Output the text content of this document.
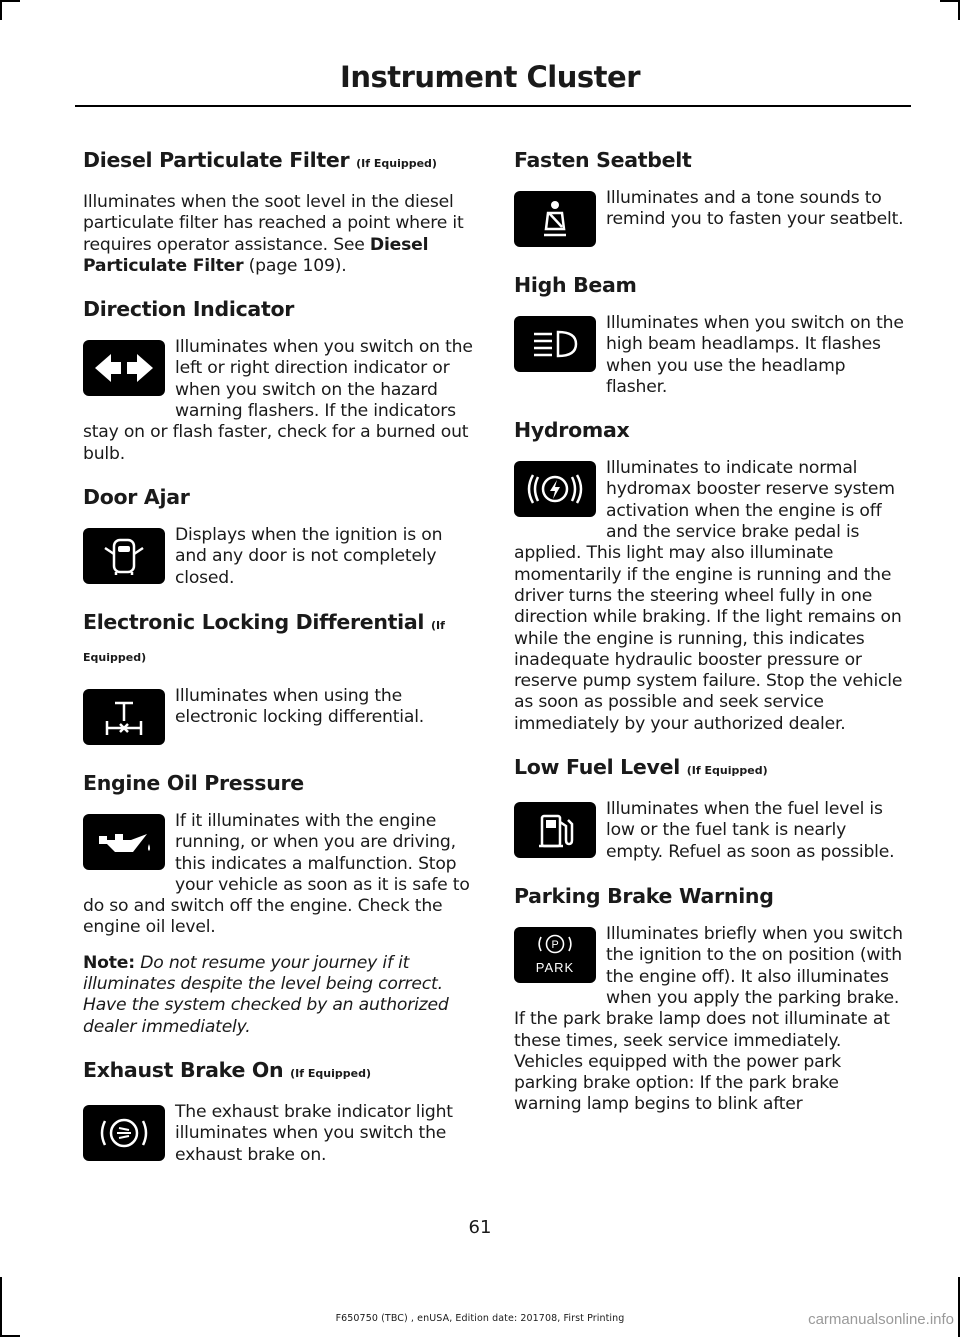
Instrument Cluster
Diesel Particulate Filter (If Equipped)
Illuminates when the soot level in the diesel particulate filter has reached a point where it requires operator assistance. See Diesel Particulate Filter (page 109).
Direction Indicator
Illuminates when you switch on the left or right direction indicator or when you switch on the hazard warning flashers. If the indicators stay on or flash faster, check for a burned out bulb.
Door Ajar
Displays when the ignition is on and any door is not completely closed.
Electronic Locking Differential (If Equipped)
Illuminates when using the electronic locking differential.
Engine Oil Pressure
If it illuminates with the engine running, or when you are driving, this indicates a malfunction. Stop your vehicle as soon as it is safe to do so and switch off the engine. Check the engine oil level.
Note: Do not resume your journey if it illuminates despite the level being correct. Have the system checked by an authorized dealer immediately.
Exhaust Brake On (If Equipped)
The exhaust brake indicator light illuminates when you switch the exhaust brake on.
Fasten Seatbelt
Illuminates and a tone sounds to remind you to fasten your seatbelt.
High Beam
Illuminates when you switch on the high beam headlamps. It flashes when you use the headlamp flasher.
Hydromax
Illuminates to indicate normal hydromax booster reserve system activation when the engine is off and the service brake pedal is applied. This light may also illuminate momentarily if the engine is running and the driver turns the steering wheel fully in one direction while braking. If the light remains on while the engine is running, this indicates inadequate hydraulic booster pressure or reserve pump system failure. Stop the vehicle as soon as possible and seek service immediately by your authorized dealer.
Low Fuel Level (If Equipped)
Illuminates when the fuel level is low or the fuel tank is nearly empty. Refuel as soon as possible.
Parking Brake Warning
P
PARK
Illuminates briefly when you switch the ignition to the on position (with the engine off). It also illuminates when you apply the parking brake. If the park brake lamp does not illuminate at these times, seek service immediately. Vehicles equipped with the power park parking brake option: If the park brake warning lamp begins to blink after
61
F650750 (TBC) , enUSA, Edition date: 201708, First Printing	carmanualsonline.info
